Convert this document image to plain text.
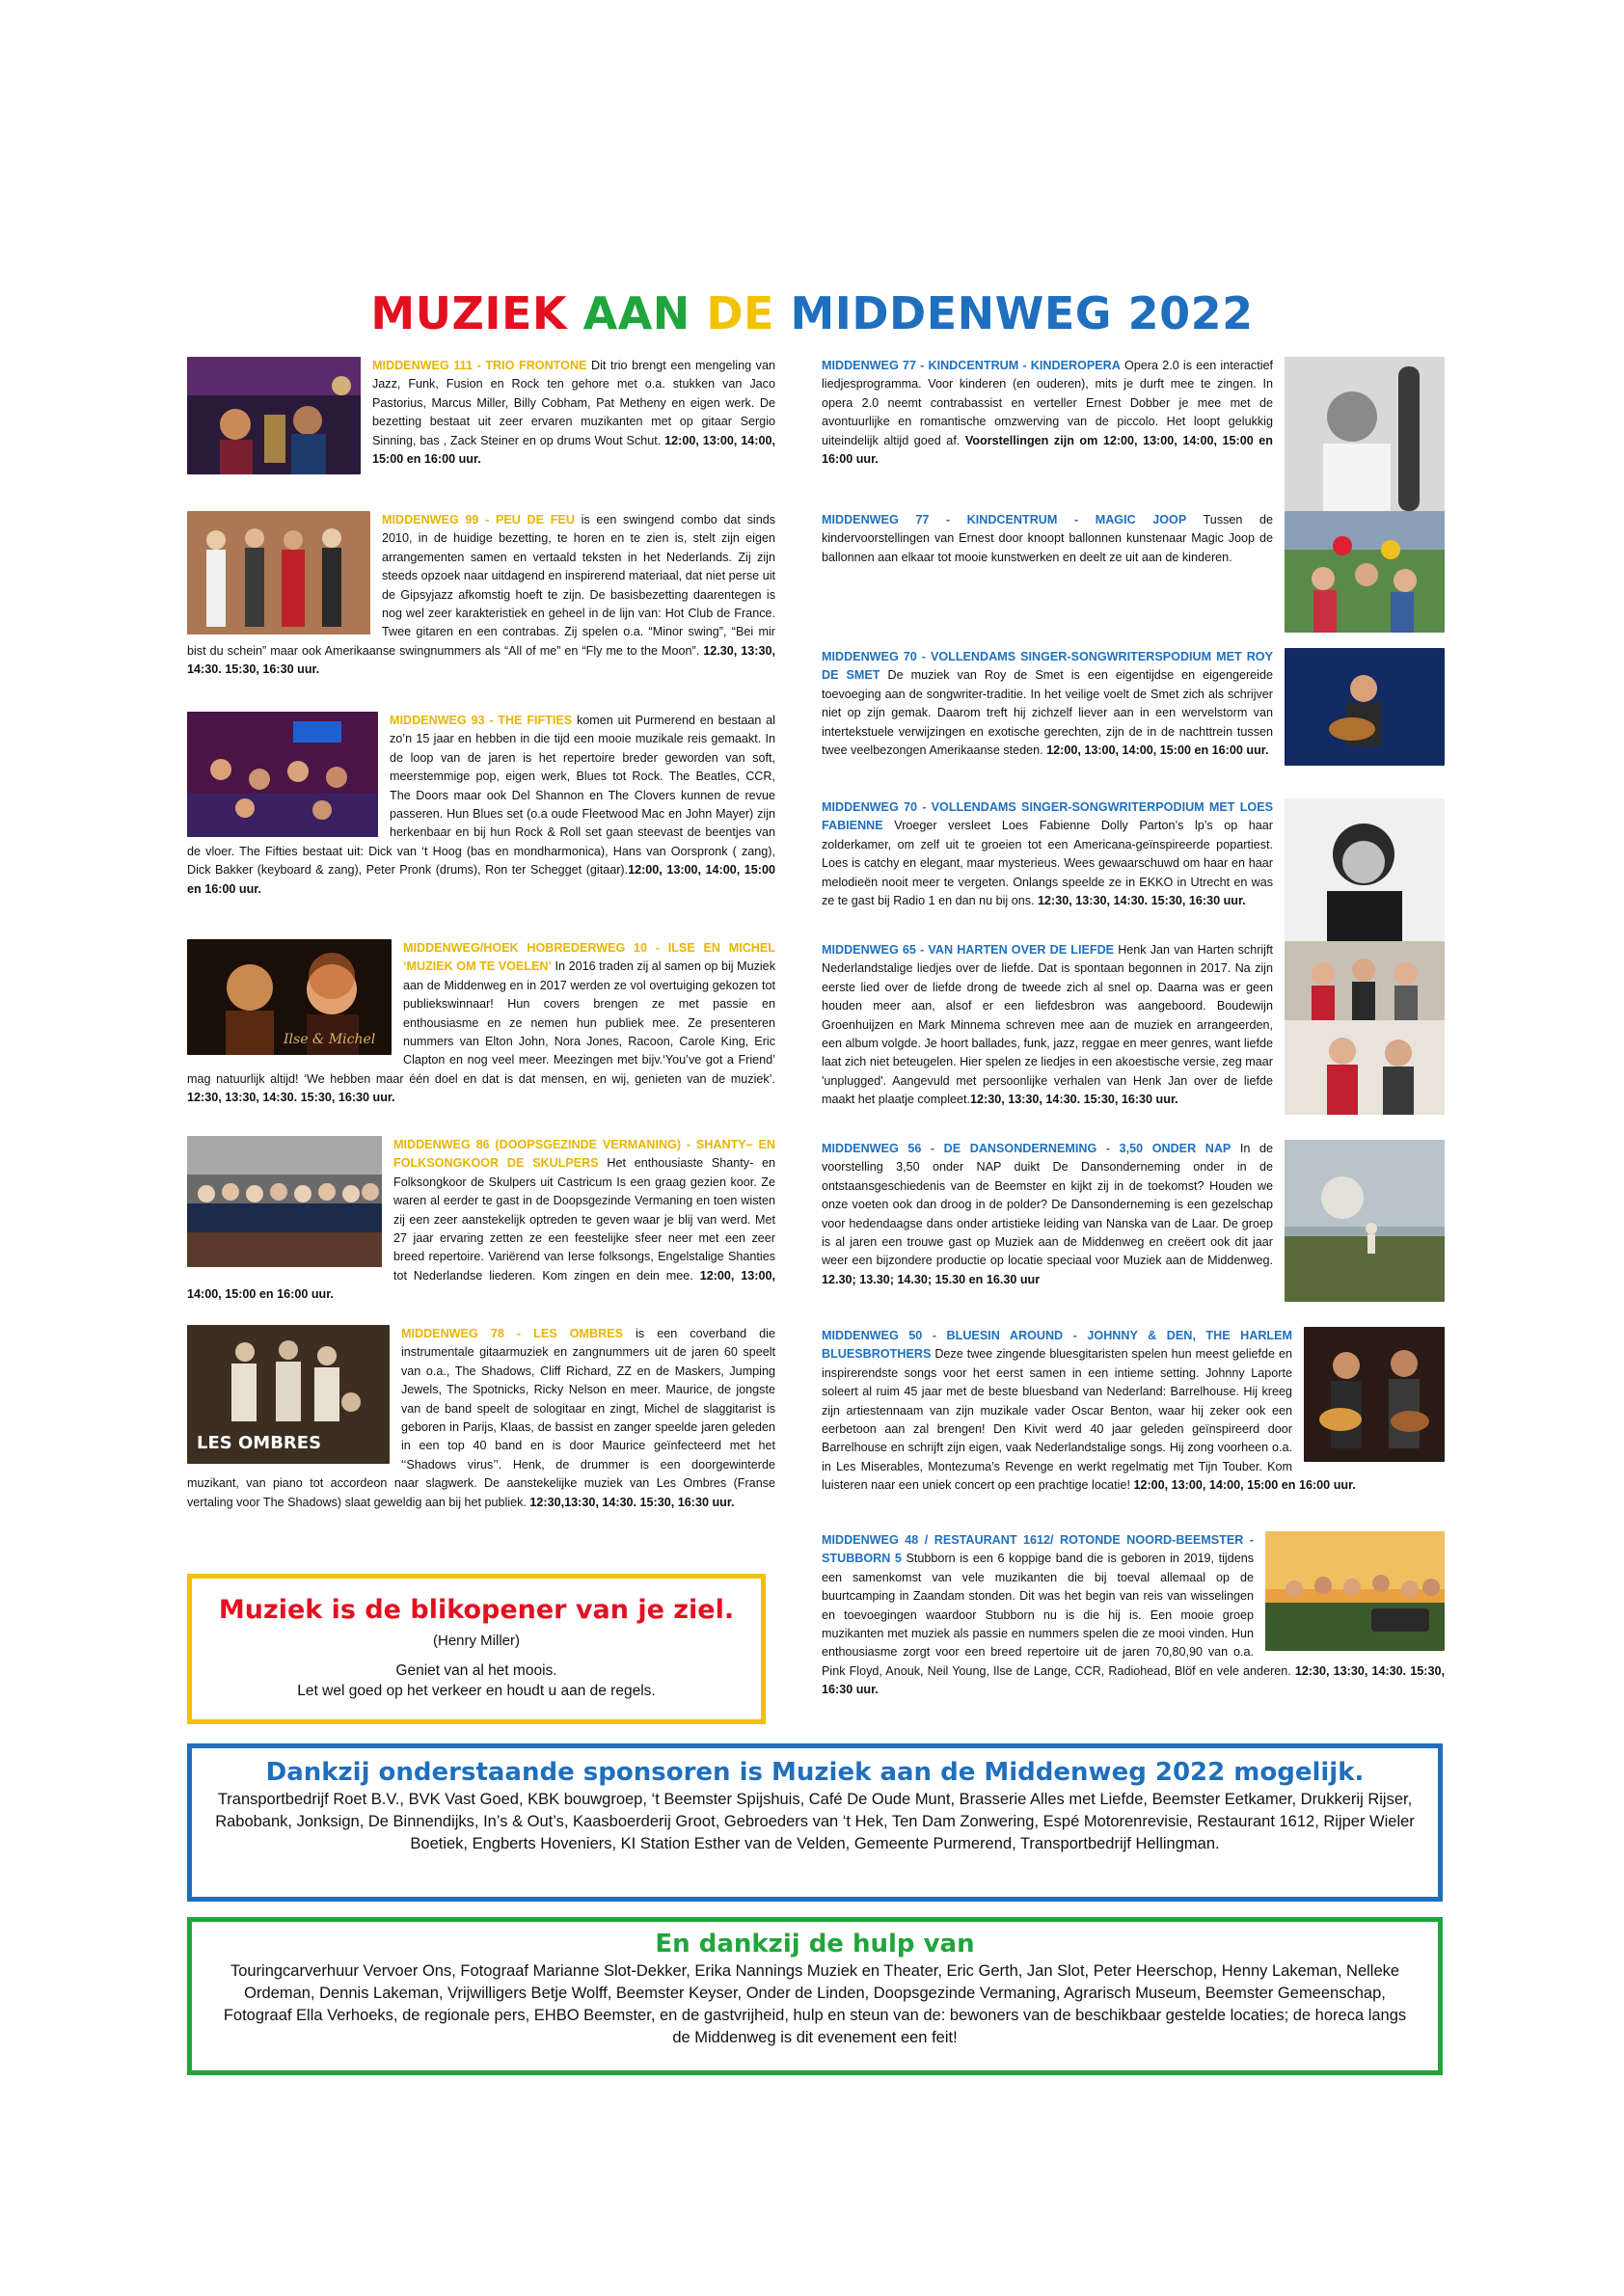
MUZIEK AAN DE MIDDENWEG 2022
MIDDENWEG 111 - TRIO FRONTONE Dit trio brengt een mengeling van Jazz, Funk, Fusion en Rock ten gehore met o.a. stukken van Jaco Pastorius, Marcus Miller, Billy Cobham, Pat Metheny en eigen werk. De bezetting bestaat uit zeer ervaren muzikanten met op gitaar Sergio Sinning, bas , Zack Steiner en op drums Wout Schut. 12:00, 13:00, 14:00, 15:00 en 16:00 uur.
MIDDENWEG 99 - PEU DE FEU is een swingend combo dat sinds 2010, in de huidige bezetting, te horen en te zien is, stelt zijn eigen arrangementen samen en vertaald teksten in het Nederlands. Zij zijn steeds opzoek naar uitdagend en inspirerend materiaal, dat niet perse uit de Gipsyjazz afkomstig hoeft te zijn. De basisbezetting daarentegen is nog wel zeer karakteristiek en geheel in de lijn van: Hot Club de France. Twee gitaren en een contrabas. Zij spelen o.a. “Minor swing”, “Bei mir bist du schein” maar ook Amerikaanse swingnummers als “All of me” en “Fly me to the Moon”. 12.30, 13:30, 14:30. 15:30, 16:30 uur.
MIDDENWEG 93 - THE FIFTIES komen uit Purmerend en bestaan al zo’n 15 jaar en hebben in die tijd een mooie muzikale reis gemaakt. In de loop van de jaren is het repertoire breder geworden van soft, meerstemmige pop, eigen werk, Blues tot Rock. The Beatles, CCR, The Doors maar ook Del Shannon en The Clovers kunnen de revue passeren. Hun Blues set (o.a oude Fleetwood Mac en John Mayer) zijn herkenbaar en bij hun Rock & Roll set gaan steevast de beentjes van de vloer. The Fifties bestaat uit: Dick van ‘t Hoog (bas en mondharmonica), Hans van Oorspronk ( zang), Dick Bakker (keyboard & zang), Peter Pronk (drums), Ron ter Schegget (gitaar).12:00, 13:00, 14:00, 15:00 en 16:00 uur.
Ilse & Michel
MIDDENWEG/HOEK HOBREDERWEG 10 - ILSE EN MICHEL ‘MUZIEK OM TE VOELEN’ In 2016 traden zij al samen op bij Muziek aan de Middenweg en in 2017 werden ze vol overtuiging gekozen tot publiekswinnaar! Hun covers brengen ze met passie en enthousiasme en ze nemen hun publiek mee. Ze presenteren nummers van Elton John, Nora Jones, Racoon, Carole King, Eric Clapton en nog veel meer. Meezingen met bijv.‘You’ve got a Friend’ mag natuurlijk altijd! ‘We hebben maar één doel en dat is dat mensen, en wij, genieten van de muziek’. 12:30, 13:30, 14:30. 15:30, 16:30 uur.
MIDDENWEG 86 (DOOPSGEZINDE VERMANING) - SHANTY– EN FOLKSONGKOOR DE SKULPERS Het enthousiaste Shanty- en Folksongkoor de Skulpers uit Castricum Is een graag gezien koor. Ze waren al eerder te gast in de Doopsgezinde Vermaning en toen wisten zij een zeer aanstekelijk optreden te geven waar je blij van werd. Met 27 jaar ervaring zetten ze een feestelijke sfeer neer met een zeer breed repertoire. Variërend van Ierse folksongs, Engelstalige Shanties tot Nederlandse liederen. Kom zingen en dein mee. 12:00, 13:00, 14:00, 15:00 en 16:00 uur.
LES OMBRES
MIDDENWEG 78 - LES OMBRES is een coverband die instrumentale gitaarmuziek en zangnummers uit de jaren 60 speelt van o.a., The Shadows, Cliff Richard, ZZ en de Maskers, Jumping Jewels, The Spotnicks, Ricky Nelson en meer. Maurice, de jongste van de band speelt de sologitaar en zingt, Michel de slaggitarist is geboren in Parijs, Klaas, de bassist en zanger speelde jaren geleden in een top 40 band en is door Maurice geïnfecteerd met het ‘‘Shadows virus’’. Henk, de drummer is een doorgewinterde muzikant, van piano tot accordeon naar slagwerk. De aanstekelijke muziek van Les Ombres (Franse vertaling voor The Shadows) slaat geweldig aan bij het publiek. 12:30,13:30, 14:30. 15:30, 16:30 uur.
MIDDENWEG 77 - KINDCENTRUM - KINDEROPERA Opera 2.0 is een interactief liedjesprogramma. Voor kinderen (en ouderen), mits je durft mee te zingen. In opera 2.0 neemt contrabassist en verteller Ernest Dobber je mee met de avontuurlijke en romantische omzwerving van de piccolo. Het loopt gelukkig uiteindelijk altijd goed af. Voorstellingen zijn om 12:00, 13:00, 14:00, 15:00 en 16:00 uur.
MIDDENWEG 77 - KINDCENTRUM - MAGIC JOOP Tussen de kindervoorstellingen van Ernest door knoopt ballonnen kunstenaar Magic Joop de ballonnen aan elkaar tot mooie kunstwerken en deelt ze uit aan de kinderen.
MIDDENWEG 70 - VOLLENDAMS SINGER-SONGWRITERSPODIUM MET ROY DE SMET De muziek van Roy de Smet is een eigentijdse en eigengereide toevoeging aan de songwriter-traditie. In het veilige voelt de Smet zich als schrijver niet op zijn gemak. Daarom treft hij zichzelf liever aan in een wervelstorm van intertekstuele verwijzingen en exotische gerechten, zijn de in de nachttrein tussen twee veelbezongen Amerikaanse steden. 12:00, 13:00, 14:00, 15:00 en 16:00 uur.
MIDDENWEG 70 - VOLLENDAMS SINGER-SONGWRITERPODIUM MET LOES FABIENNE Vroeger versleet Loes Fabienne Dolly Parton’s lp’s op haar zolderkamer, om zelf uit te groeien tot een Americana-geïnspireerde popartiest. Loes is catchy en elegant, maar mysterieus. Wees gewaarschuwd om haar en haar melodieën nooit meer te vergeten. Onlangs speelde ze in EKKO in Utrecht en was ze te gast bij Radio 1 en dan nu bij ons. 12:30, 13:30, 14:30. 15:30, 16:30 uur.
MIDDENWEG 65 - VAN HARTEN OVER DE LIEFDE Henk Jan van Harten schrijft Nederlandstalige liedjes over de liefde. Dat is spontaan begonnen in 2017. Na zijn eerste lied over de liefde drong de tweede zich al snel op. Daarna was er geen houden meer aan, alsof er een liefdesbron was aangeboord. Boudewijn Groenhuijzen en Mark Minnema schreven mee aan de muziek en arrangeerden, een album volgde. Je hoort ballades, funk, jazz, reggae en meer genres, want liefde laat zich niet beteugelen. Hier spelen ze liedjes in een akoestische versie, zeg maar 'unplugged'. Aangevuld met persoonlijke verhalen van Henk Jan over de liefde maakt het plaatje compleet.12:30, 13:30, 14:30. 15:30, 16:30 uur.
MIDDENWEG 56 - DE DANSONDERNEMING - 3,50 ONDER NAP In de voorstelling 3,50 onder NAP duikt De Dansonderneming onder in de ontstaansgeschiedenis van de Beemster en kijkt zij in de toekomst? Houden we onze voeten ook dan droog in de polder? De Dansonderneming is een gezelschap voor hedendaagse dans onder artistieke leiding van Nanska van de Laar. De groep is al jaren een trouwe gast op Muziek aan de Middenweg en creëert ook dit jaar weer een bijzondere productie op locatie speciaal voor Muziek aan de Middenweg. 12.30; 13.30; 14.30; 15.30 en 16.30 uur
MIDDENWEG 50 - BLUESIN AROUND - JOHNNY & DEN, THE HARLEM BLUESBROTHERS Deze twee zingende bluesgitaristen spelen hun meest geliefde en inspirerendste songs voor het eerst samen in een intieme setting. Johnny Laporte soleert al ruim 45 jaar met de beste bluesband van Nederland: Barrelhouse. Hij kreeg zijn artiestennaam van zijn muzikale vader Oscar Benton, waar hij zeker ook een eerbetoon aan zal brengen! Den Kivit werd 40 jaar geleden geïnspireerd door Barrelhouse en schrijft zijn eigen, vaak Nederlandstalige songs. Hij zong voorheen o.a. in Les Miserables, Montezuma’s Revenge en werkt regelmatig met Tijn Touber. Kom luisteren naar een uniek concert op een prachtige locatie! 12:00, 13:00, 14:00, 15:00 en 16:00 uur.
MIDDENWEG 48 / RESTAURANT 1612/ ROTONDE NOORD-BEEMSTER - STUBBORN 5 Stubborn is een 6 koppige band die is geboren in 2019, tijdens een samenkomst van vele muzikanten die bij toeval allemaal op de buurtcamping in Zaandam stonden. Dit was het begin van reis van wisselingen en toevoegingen waardoor Stubborn nu is die hij is. Een mooie groep muzikanten met muziek als passie en nummers spelen die ze mooi vinden. Hun enthousiasme zorgt voor een breed repertoire uit de jaren 70,80,90 van o.a. Pink Floyd, Anouk, Neil Young, Ilse de Lange, CCR, Radiohead, Blöf en vele anderen. 12:30, 13:30, 14:30. 15:30, 16:30 uur.
Muziek is de blikopener van je ziel.
(Henry Miller)
Geniet van al het moois.
Let wel goed op het verkeer en houdt u aan de regels.
Dankzij onderstaande sponsoren is Muziek aan de Middenweg 2022 mogelijk.
Transportbedrijf Roet B.V., BVK Vast Goed, KBK bouwgroep, ‘t Beemster Spijshuis, Café De Oude Munt, Brasserie Alles met Liefde, Beemster Eetkamer, Drukkerij Rijser, Rabobank, Jonksign, De Binnendijks, In’s & Out’s, Kaasboerderij Groot, Gebroeders van ‘t Hek, Ten Dam Zonwering, Espé Motorenrevisie, Restaurant 1612, Rijper Wieler Boetiek, Engberts Hoveniers, KI Station Esther van de Velden, Gemeente Purmerend, Transportbedrijf Hellingman.
En dankzij de hulp van
Touringcarverhuur Vervoer Ons, Fotograaf Marianne Slot-Dekker, Erika Nannings Muziek en Theater, Eric Gerth, Jan Slot, Peter Heerschop, Henny Lakeman, Nelleke Ordeman, Dennis Lakeman, Vrijwilligers Betje Wolff, Beemster Keyser, Onder de Linden, Doopsgezinde Vermaning, Agrarisch Museum, Beemster Gemeenschap, Fotograaf Ella Verhoeks, de regionale pers, EHBO Beemster, en de gastvrijheid, hulp en steun van de: bewoners van de beschikbaar gestelde locaties; de horeca langs de Middenweg is dit evenement een feit!
